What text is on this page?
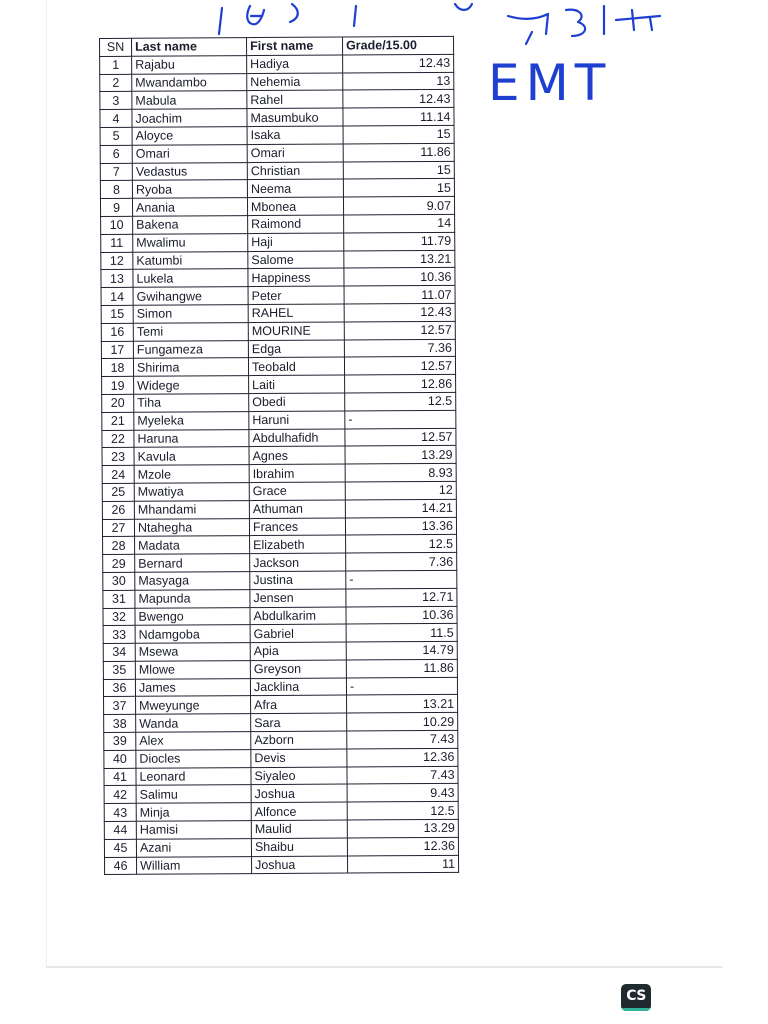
EMT
SN	Last name	First name	Grade/15.00
1	Rajabu	Hadiya	12.43
2	Mwandambo	Nehemia	13
3	Mabula	Rahel	12.43
4	Joachim	Masumbuko	11.14
5	Aloyce	Isaka	15
6	Omari	Omari	11.86
7	Vedastus	Christian	15
8	Ryoba	Neema	15
9	Anania	Mbonea	9.07
10	Bakena	Raimond	14
11	Mwalimu	Haji	11.79
12	Katumbi	Salome	13.21
13	Lukela	Happiness	10.36
14	Gwihangwe	Peter	11.07
15	Simon	RAHEL	12.43
16	Temi	MOURINE	12.57
17	Fungameza	Edga	7.36
18	Shirima	Teobald	12.57
19	Widege	Laiti	12.86
20	Tiha	Obedi	12.5
21	Myeleka	Haruni	-
22	Haruna	Abdulhafidh	12.57
23	Kavula	Agnes	13.29
24	Mzole	Ibrahim	8.93
25	Mwatiya	Grace	12
26	Mhandami	Athuman	14.21
27	Ntahegha	Frances	13.36
28	Madata	Elizabeth	12.5
29	Bernard	Jackson	7.36
30	Masyaga	Justina	-
31	Mapunda	Jensen	12.71
32	Bwengo	Abdulkarim	10.36
33	Ndamgoba	Gabriel	11.5
34	Msewa	Apia	14.79
35	Mlowe	Greyson	11.86
36	James	Jacklina	-
37	Mweyunge	Afra	13.21
38	Wanda	Sara	10.29
39	Alex	Azborn	7.43
40	Diocles	Devis	12.36
41	Leonard	Siyaleo	7.43
42	Salimu	Joshua	9.43
43	Minja	Alfonce	12.5
44	Hamisi	Maulid	13.29
45	Azani	Shaibu	12.36
46	William	Joshua	11
CS
